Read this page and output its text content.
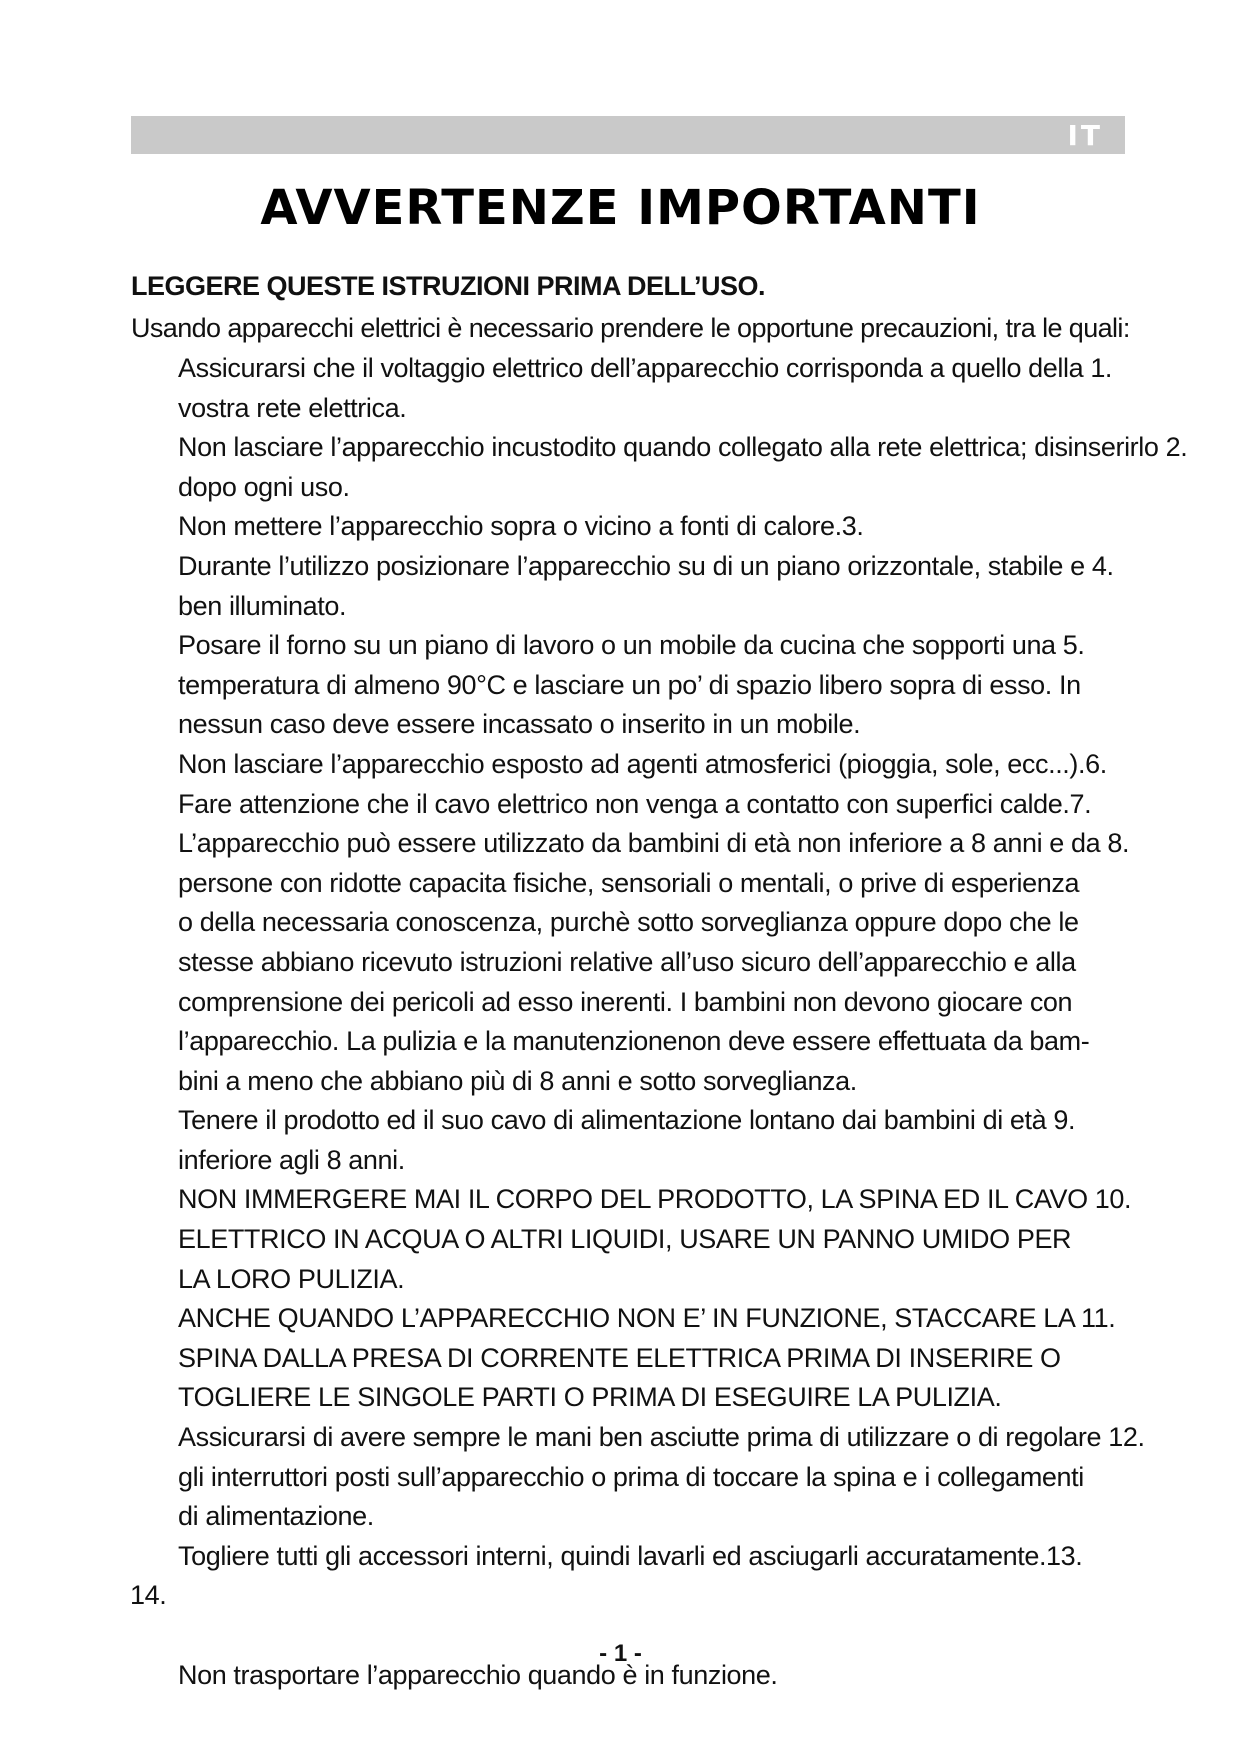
IT
AVVERTENZE IMPORTANTI
LEGGERE QUESTE ISTRUZIONI PRIMA DELL’USO.
Usando apparecchi elettrici è necessario prendere le opportune precauzioni, tra le quali:
Assicurarsi che il voltaggio elettrico dell’apparecchio corrisponda a quello della 1.
vostra rete elettrica.
Non lasciare l’apparecchio incustodito quando collegato alla rete elettrica; disinserirlo 2.
dopo ogni uso.
Non mettere l’apparecchio sopra o vicino a fonti di calore.3.
Durante l’utilizzo posizionare l’apparecchio su di un piano orizzontale, stabile e 4.
ben illuminato.
Posare il forno su un piano di lavoro o un mobile da cucina che sopporti una 5.
temperatura di almeno 90°C e lasciare un po’ di spazio libero sopra di esso. In
nessun caso deve essere incassato o inserito in un mobile.
Non lasciare l’apparecchio esposto ad agenti atmosferici (pioggia, sole, ecc...).6.
Fare attenzione che il cavo elettrico non venga a contatto con superfici calde.7.
L’apparecchio può essere utilizzato da bambini di età non inferiore a 8 anni e da 8.
persone con ridotte capacita fisiche, sensoriali o mentali, o prive di esperienza
o della necessaria conoscenza, purchè sotto sorveglianza oppure dopo che le
stesse abbiano ricevuto istruzioni relative all’uso sicuro dell’apparecchio e alla
comprensione dei pericoli ad esso inerenti. I bambini non devono giocare con
l’apparecchio. La pulizia e la manutenzionenon deve essere effettuata da bam-
bini a meno che abbiano più di 8 anni e sotto sorveglianza.
Tenere il prodotto ed il suo cavo di alimentazione lontano dai bambini di età 9.
inferiore agli 8 anni.
NON IMMERGERE MAI IL CORPO DEL PRODOTTO, LA SPINA ED IL CAVO 10.
ELETTRICO IN ACQUA O ALTRI LIQUIDI, USARE UN PANNO UMIDO PER
LA LORO PULIZIA.
ANCHE QUANDO L’APPARECCHIO NON E’ IN FUNZIONE, STACCARE LA 11.
SPINA DALLA PRESA DI CORRENTE ELETTRICA PRIMA DI INSERIRE O
TOGLIERE LE SINGOLE PARTI O PRIMA DI ESEGUIRE LA PULIZIA.
Assicurarsi di avere sempre le mani ben asciutte prima di utilizzare o di regolare 12.
gli interruttori posti sull’apparecchio o prima di toccare la spina e i collegamenti
di alimentazione.
Togliere tutti gli accessori interni, quindi lavarli ed asciugarli accuratamente.13.

14.

Non trasportare l’apparecchio quando è in funzione.

- 1 -
